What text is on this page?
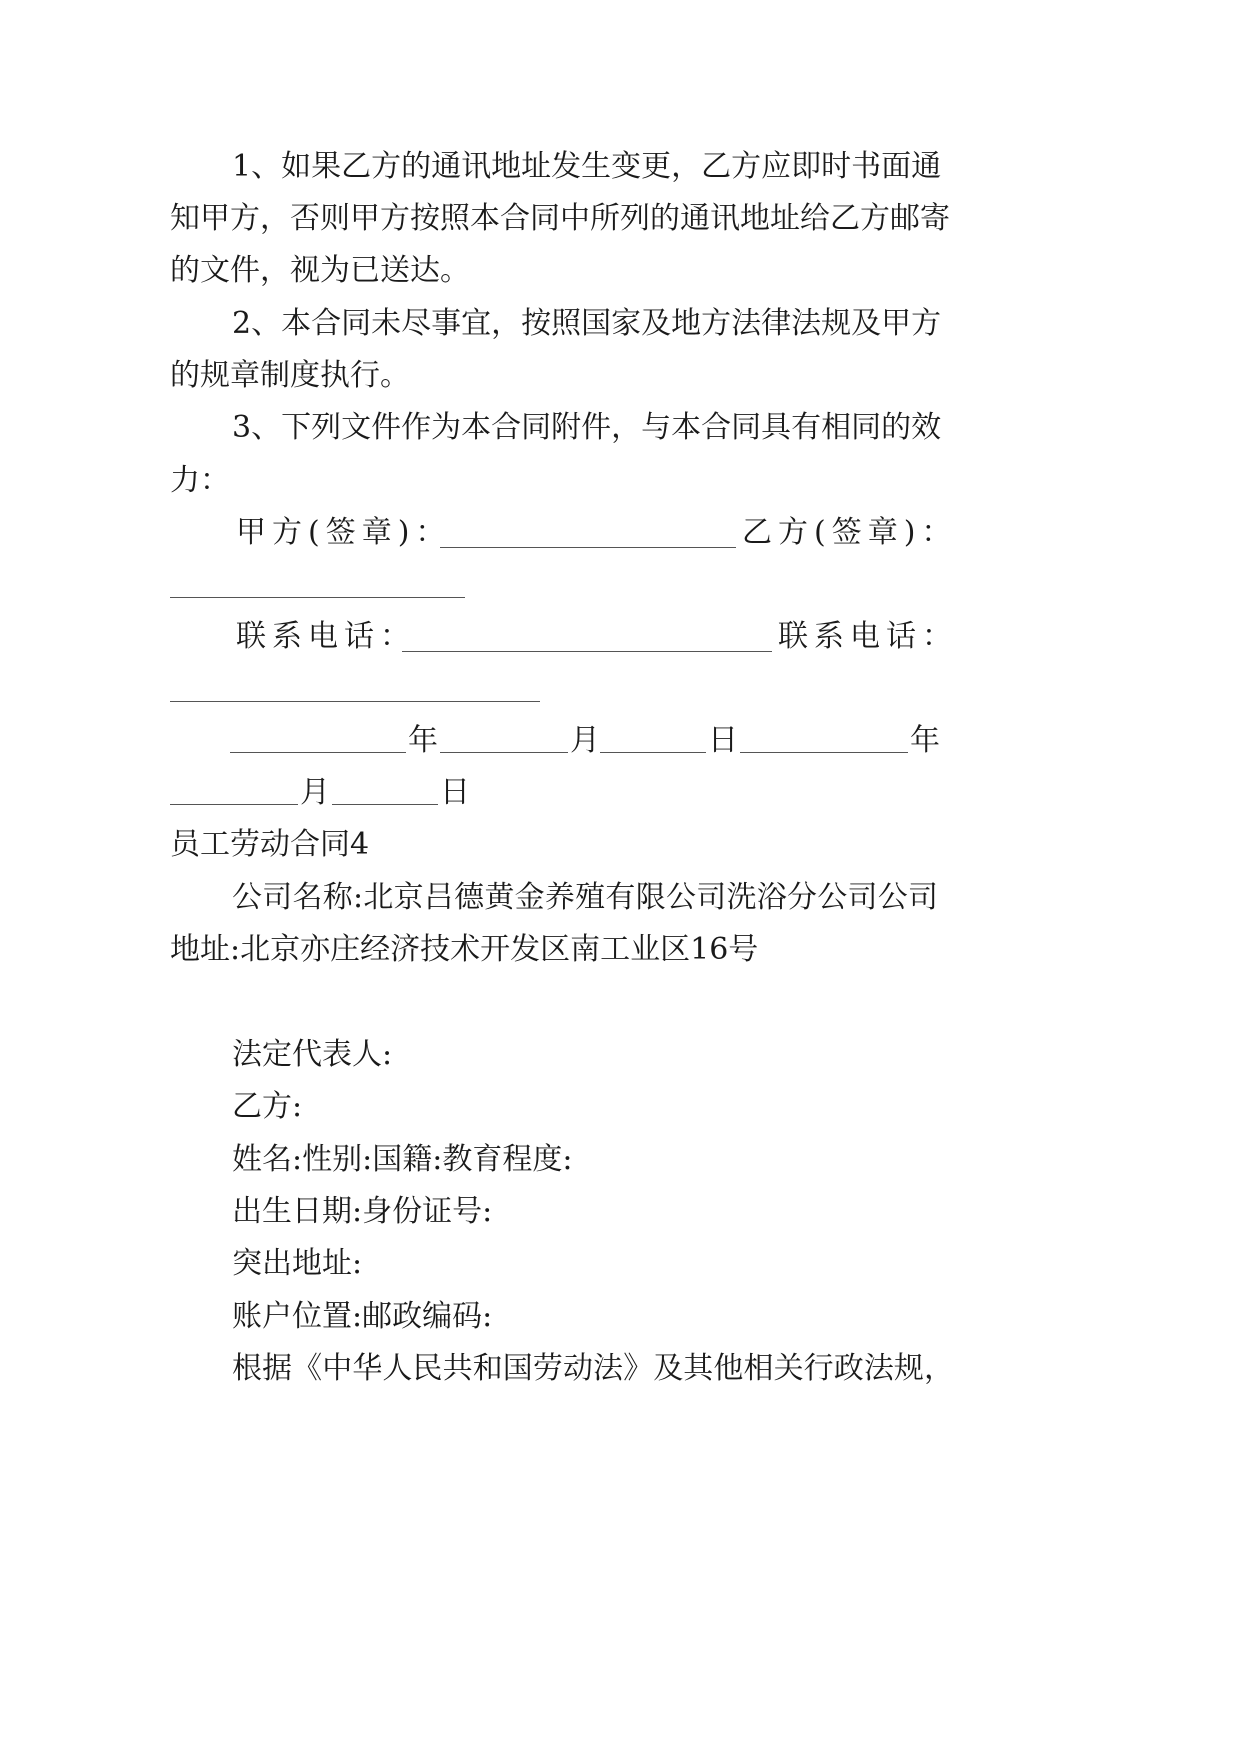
1、如果乙方的通讯地址发生变更，乙方应即时书面通
知甲方，否则甲方按照本合同中所列的通讯地址给乙方邮寄
的文件，视为已送达。
2、本合同未尽事宜，按照国家及地方法律法规及甲方
的规章制度执行。
3、下列文件作为本合同附件，与本合同具有相同的效
力：
甲方(签章)：	乙方(签章)：
联系电话：	联系电话：
年	月	日	年
月	日
员工劳动合同4
公司名称:北京吕德黄金养殖有限公司洗浴分公司公司
地址:北京亦庄经济技术开发区南工业区16号
法定代表人:
乙方:
姓名:性别:国籍:教育程度:
出生日期:身份证号:
突出地址:
账户位置:邮政编码:
根据《中华人民共和国劳动法》及其他相关行政法规，
